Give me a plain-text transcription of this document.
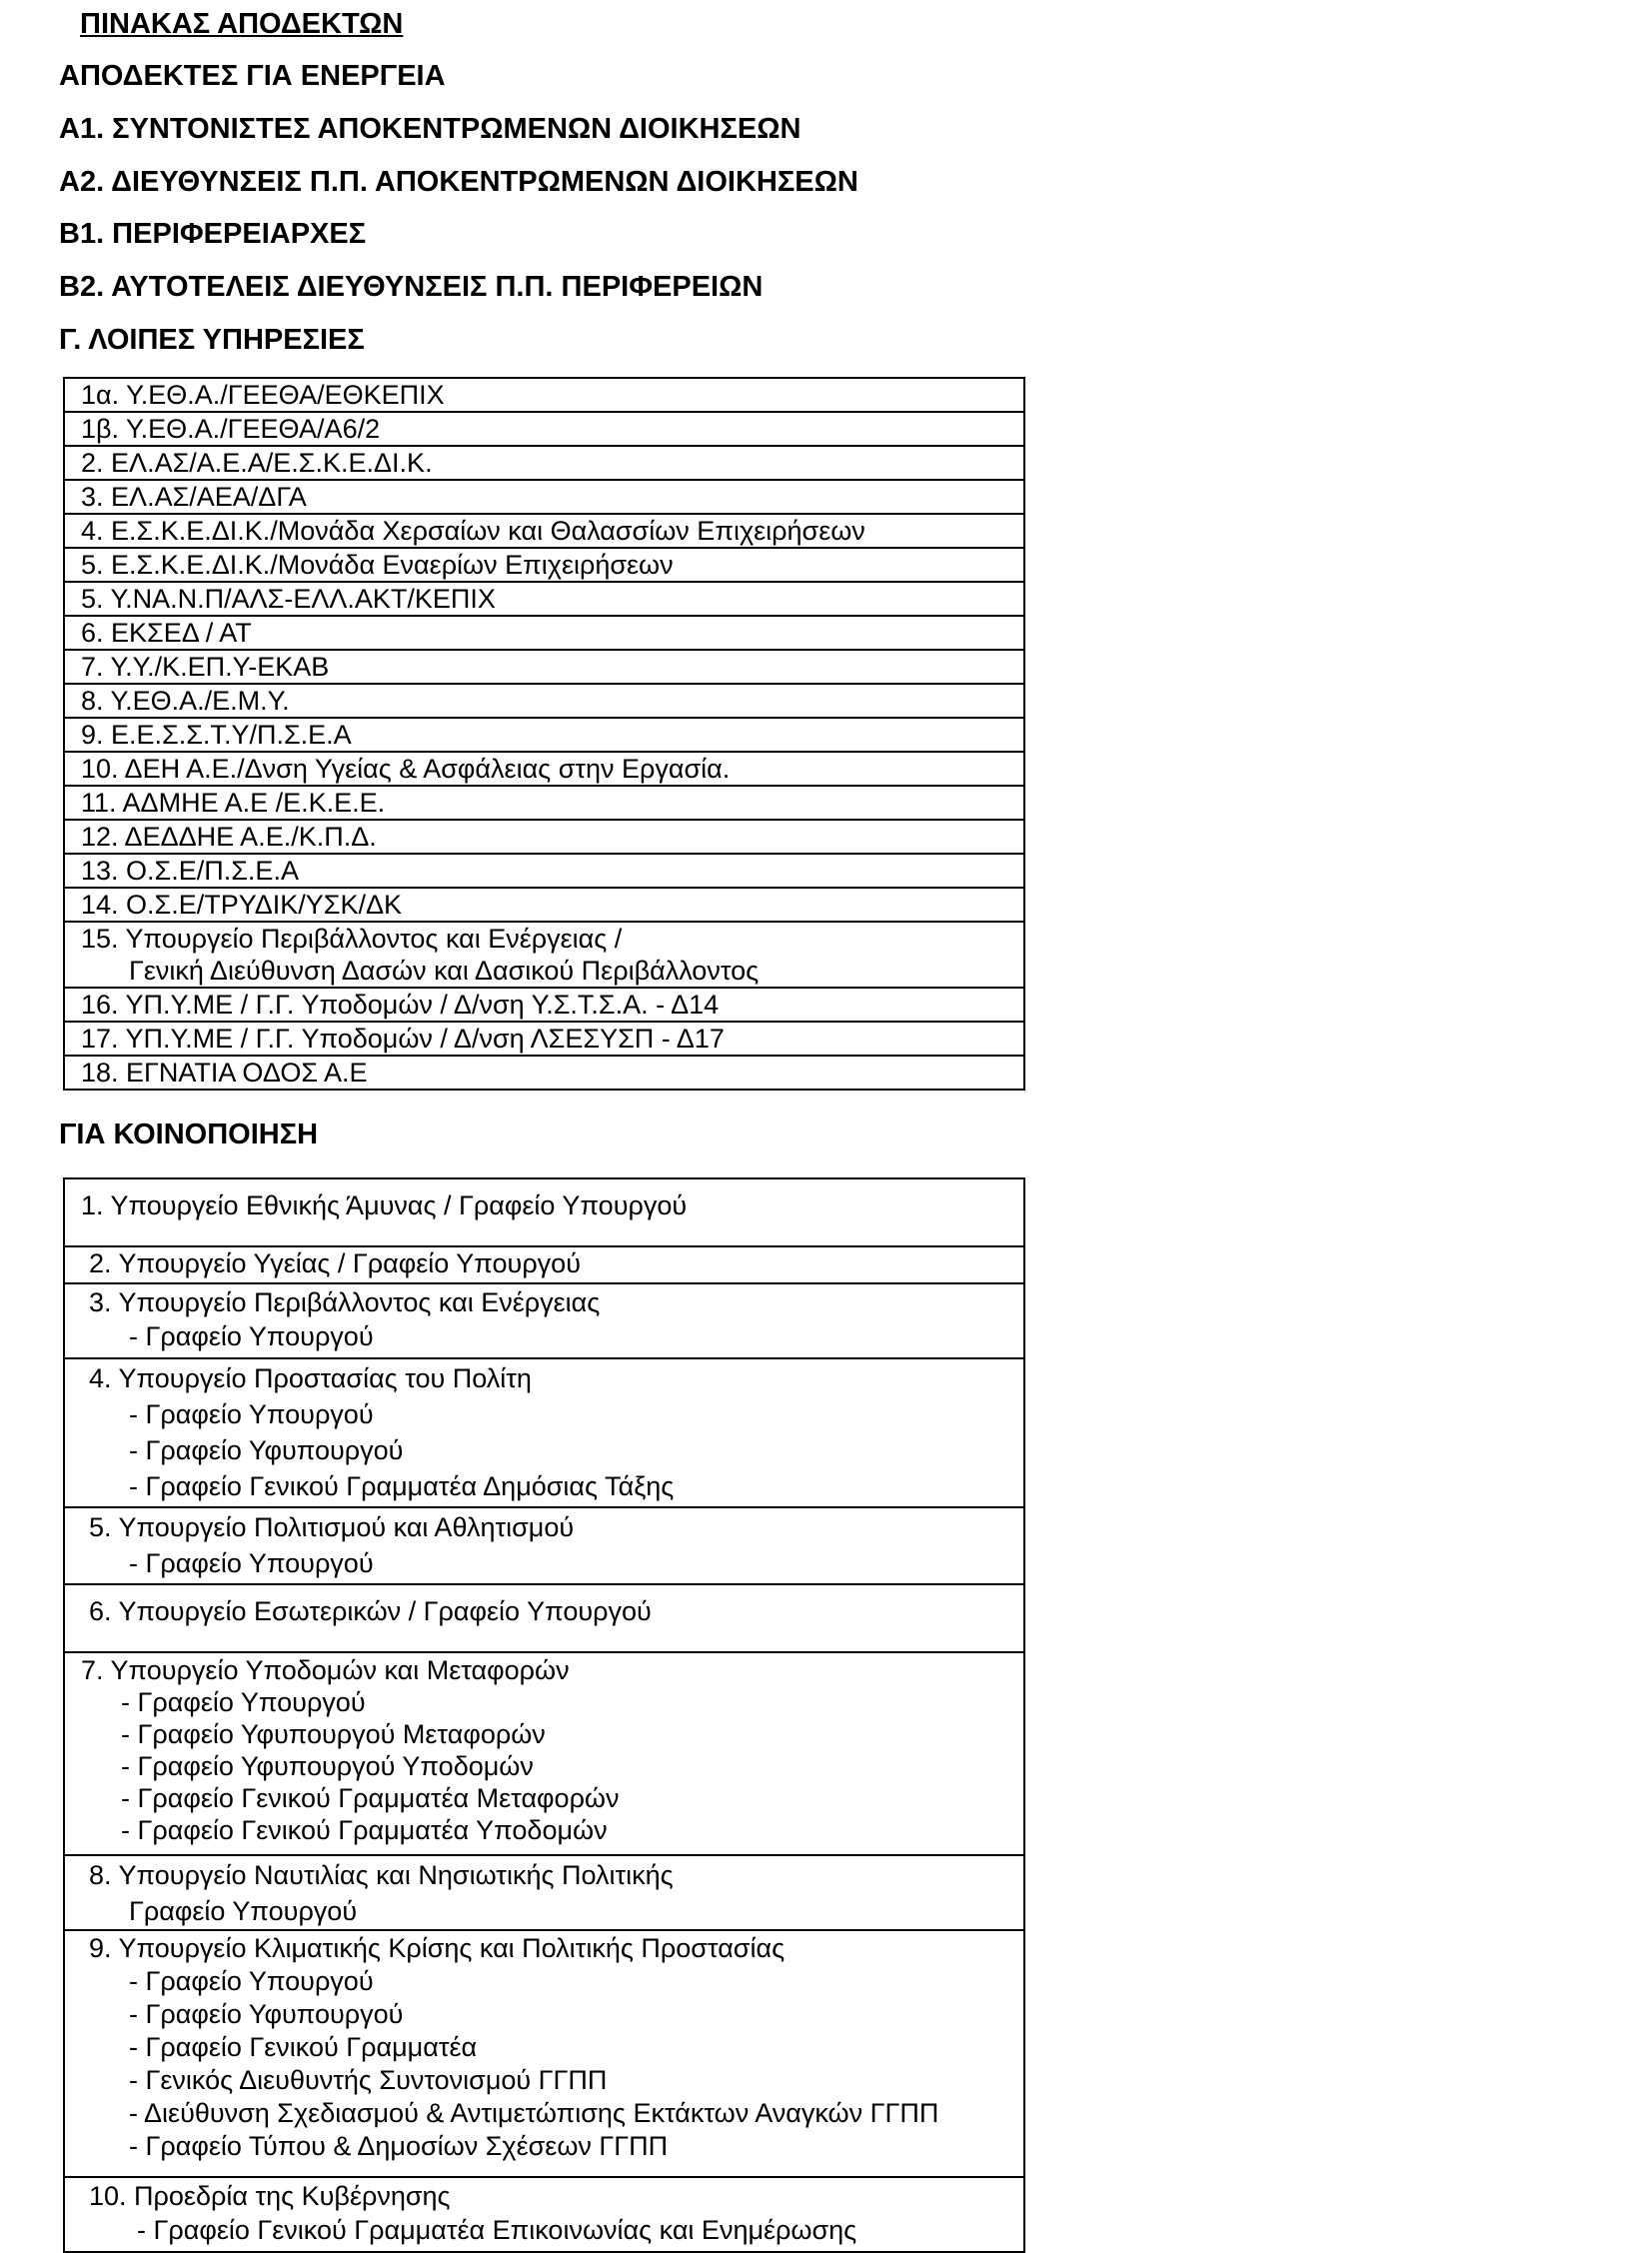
ΠΙΝΑΚΑΣ ΑΠΟΔΕΚΤΩΝ
ΑΠΟΔΕΚΤΕΣ ΓΙΑ ΕΝΕΡΓΕΙΑ
Α1. ΣΥΝΤΟΝΙΣΤΕΣ ΑΠΟΚΕΝΤΡΩΜΕΝΩΝ ΔΙΟΙΚΗΣΕΩΝ
Α2. ΔΙΕΥΘΥΝΣΕΙΣ Π.Π. ΑΠΟΚΕΝΤΡΩΜΕΝΩΝ ΔΙΟΙΚΗΣΕΩΝ
Β1. ΠΕΡΙΦΕΡΕΙΑΡΧΕΣ
Β2. ΑΥΤΟΤΕΛΕΙΣ ΔΙΕΥΘΥΝΣΕΙΣ Π.Π. ΠΕΡΙΦΕΡΕΙΩΝ
Γ. ΛΟΙΠΕΣ ΥΠΗΡΕΣΙΕΣ
1α. Υ.ΕΘ.Α./ΓΕΕΘΑ/ΕΘΚΕΠΙΧ

1β. Υ.ΕΘ.Α./ΓΕΕΘΑ/Α6/2

2. ΕΛ.ΑΣ/Α.Ε.Α/Ε.Σ.Κ.Ε.ΔΙ.Κ.

3. ΕΛ.ΑΣ/ΑΕΑ/ΔΓΑ

4. Ε.Σ.Κ.Ε.ΔΙ.Κ./Μονάδα Χερσαίων και Θαλασσίων Επιχειρήσεων

5. Ε.Σ.Κ.Ε.ΔΙ.Κ./Μονάδα Εναερίων Επιχειρήσεων

5. Υ.ΝΑ.Ν.Π/ΑΛΣ-ΕΛΛ.ΑΚΤ/ΚΕΠΙΧ

6. ΕΚΣΕΔ / ΑΤ

7. Υ.Υ./Κ.ΕΠ.Υ-ΕΚΑΒ

8. Υ.ΕΘ.Α./Ε.Μ.Υ.

9. Ε.Ε.Σ.Σ.Τ.Υ/Π.Σ.Ε.Α

10. ΔΕΗ Α.Ε./Δνση Υγείας & Ασφάλειας στην Εργασία.

11. ΑΔΜΗΕ Α.Ε /Ε.Κ.Ε.Ε.

12. ΔΕΔΔΗΕ Α.Ε./Κ.Π.Δ.

13. Ο.Σ.Ε/Π.Σ.Ε.Α

14. Ο.Σ.Ε/ΤΡΥΔΙΚ/ΥΣΚ/ΔΚ

15. Υπουργείο Περιβάλλοντος και Ενέργειας /
Γενική Διεύθυνση Δασών και Δασικού Περιβάλλοντος

16. ΥΠ.Υ.ΜΕ / Γ.Γ. Υποδομών / Δ/νση Υ.Σ.Τ.Σ.Α. - Δ14

17. ΥΠ.Υ.ΜΕ / Γ.Γ. Υποδομών / Δ/νση ΛΣΕΣΥΣΠ - Δ17

18. ΕΓΝΑΤΙΑ ΟΔΟΣ Α.Ε
ΓΙΑ ΚΟΙΝΟΠΟΙΗΣΗ
1. Υπουργείο Εθνικής Άμυνας / Γραφείο Υπουργού

2. Υπουργείο Υγείας / Γραφείο Υπουργού

3. Υπουργείο Περιβάλλοντος και Ενέργειας
- Γραφείο Υπουργού

4. Υπουργείο Προστασίας του Πολίτη
- Γραφείο Υπουργού
- Γραφείο Υφυπουργού
- Γραφείο Γενικού Γραμματέα Δημόσιας Τάξης

5. Υπουργείο Πολιτισμού και Αθλητισμού
- Γραφείο Υπουργού

6. Υπουργείο Εσωτερικών / Γραφείο Υπουργού

7. Υπουργείο Υποδομών και Μεταφορών
- Γραφείο Υπουργού
- Γραφείο Υφυπουργού Μεταφορών
- Γραφείο Υφυπουργού Υποδομών
- Γραφείο Γενικού Γραμματέα Μεταφορών
- Γραφείο Γενικού Γραμματέα Υποδομών

8. Υπουργείο Ναυτιλίας και Νησιωτικής Πολιτικής
Γραφείο Υπουργού

9. Υπουργείο Κλιματικής Κρίσης και Πολιτικής Προστασίας
- Γραφείο Υπουργού
- Γραφείο Υφυπουργού
- Γραφείο Γενικού Γραμματέα
- Γενικός Διευθυντής Συντονισμού ΓΓΠΠ
- Διεύθυνση Σχεδιασμού & Αντιμετώπισης Εκτάκτων Αναγκών ΓΓΠΠ
- Γραφείο Τύπου & Δημοσίων Σχέσεων ΓΓΠΠ

10. Προεδρία της Κυβέρνησης
- Γραφείο Γενικού Γραμματέα Επικοινωνίας και Ενημέρωσης
